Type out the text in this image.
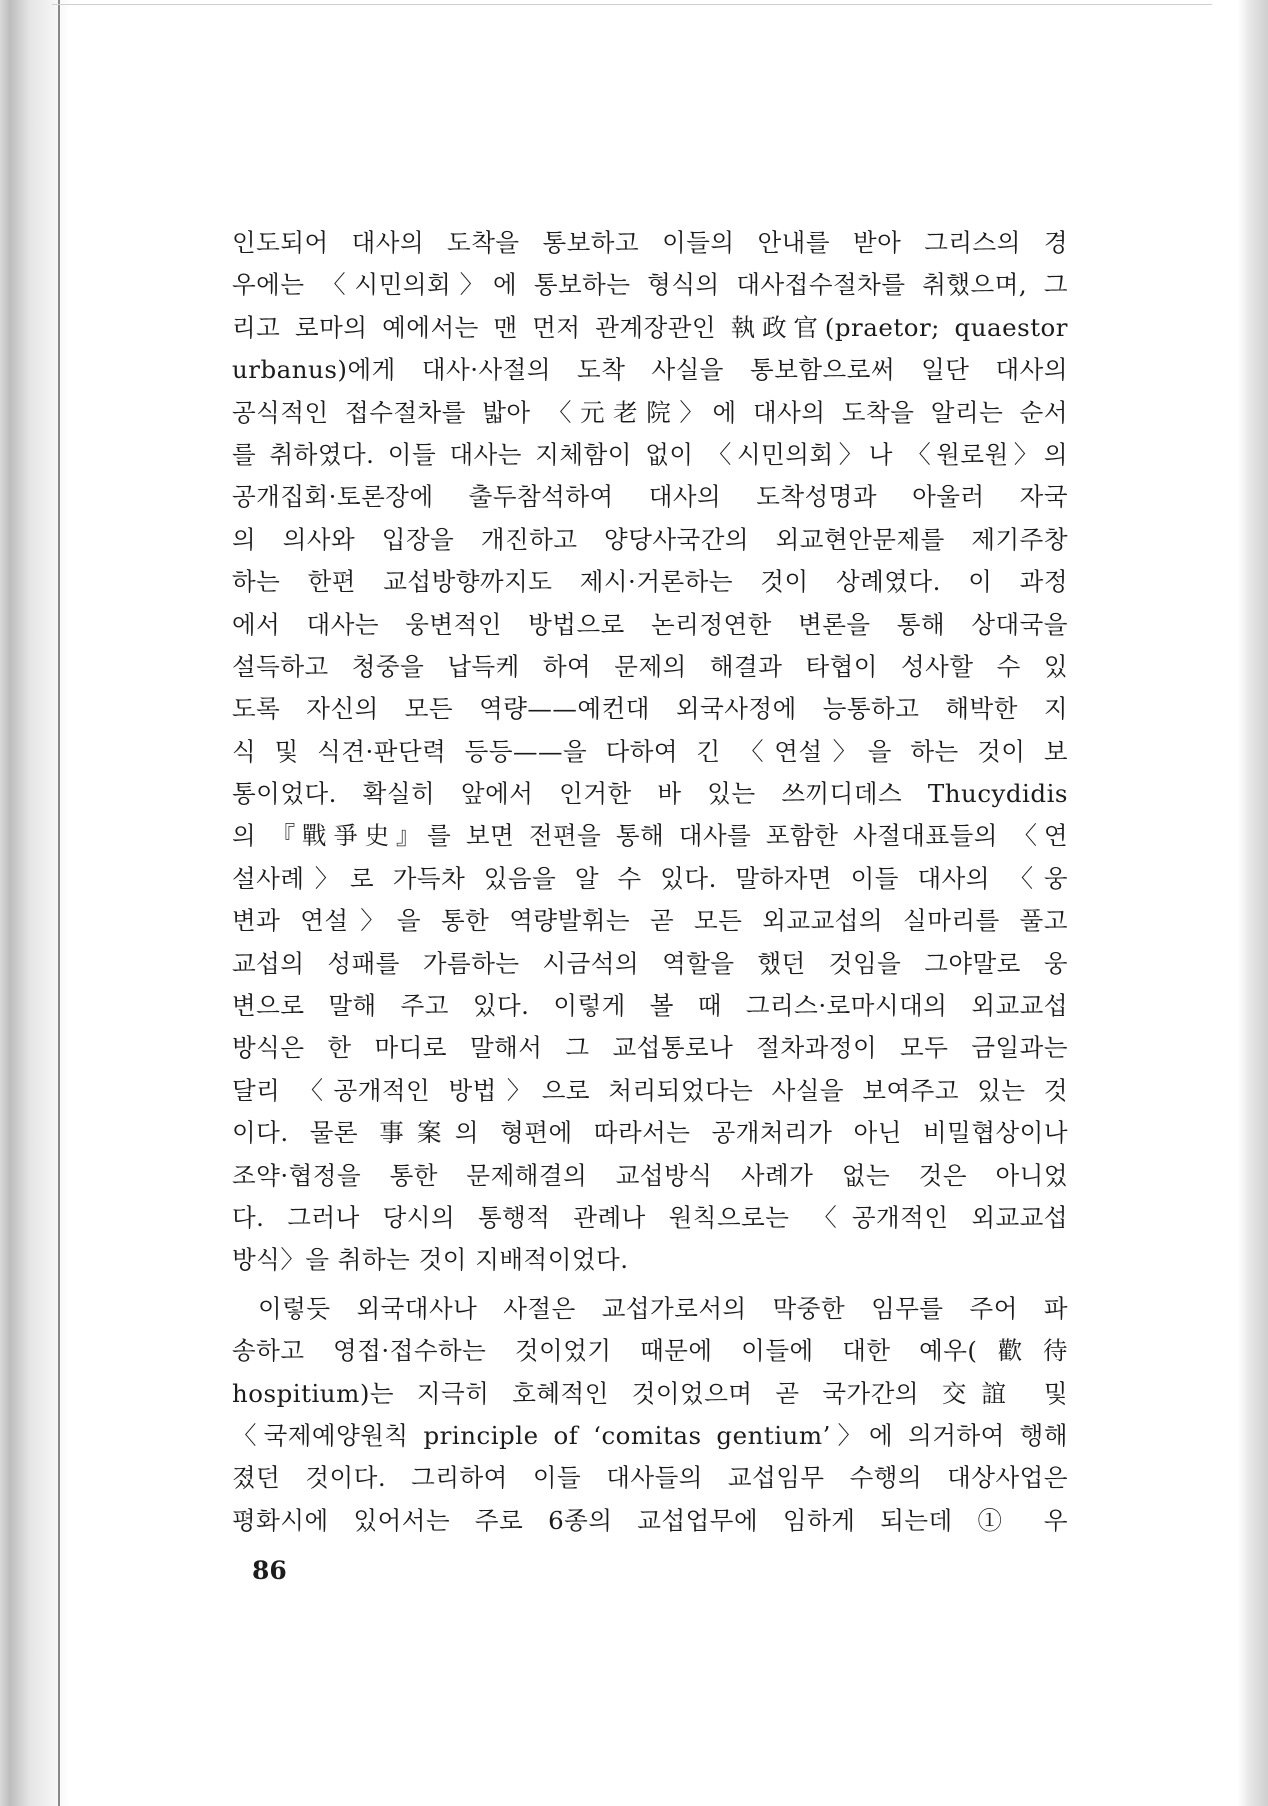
인도되어 대사의 도착을 통보하고 이들의 안내를 받아 그리스의 경
우에는 〈시민의회〉에 통보하는 형식의 대사접수절차를 취했으며, 그
리고 로마의 예에서는 맨 먼저 관계장관인 執政官(praetor; quaestor
urbanus)에게 대사·사절의 도착 사실을 통보함으로써 일단 대사의
공식적인 접수절차를 밟아 〈元老院〉에 대사의 도착을 알리는 순서
를 취하였다. 이들 대사는 지체함이 없이 〈시민의회〉나 〈원로원〉의
공개집회·토론장에 출두참석하여 대사의 도착성명과 아울러 자국
의 의사와 입장을 개진하고 양당사국간의 외교현안문제를 제기주창
하는 한편 교섭방향까지도 제시·거론하는 것이 상례였다. 이 과정
에서 대사는 웅변적인 방법으로 논리정연한 변론을 통해 상대국을
설득하고 청중을 납득케 하여 문제의 해결과 타협이 성사할 수 있
도록 자신의 모든 역량——예컨대 외국사정에 능통하고 해박한 지
식 및 식견·판단력 등등——을 다하여 긴 〈연설〉을 하는 것이 보
통이었다. 확실히 앞에서 인거한 바 있는 쓰끼디데스 Thucydidis
의 『戰爭史』를 보면 전편을 통해 대사를 포함한 사절대표들의 〈연
설사례〉로 가득차 있음을 알 수 있다. 말하자면 이들 대사의 〈웅
변과 연설〉을 통한 역량발휘는 곧 모든 외교교섭의 실마리를 풀고
교섭의 성패를 가름하는 시금석의 역할을 했던 것임을 그야말로 웅
변으로 말해 주고 있다. 이렇게 볼 때 그리스·로마시대의 외교교섭
방식은 한 마디로 말해서 그 교섭통로나 절차과정이 모두 금일과는
달리 〈공개적인 방법〉으로 처리되었다는 사실을 보여주고 있는 것
이다. 물론 事案의 형편에 따라서는 공개처리가 아닌 비밀협상이나
조약·협정을 통한 문제해결의 교섭방식 사례가 없는 것은 아니었
다. 그러나 당시의 통행적 관례나 원칙으로는 〈공개적인 외교교섭
방식〉을 취하는 것이 지배적이었다.
이렇듯 외국대사나 사절은 교섭가로서의 막중한 임무를 주어 파
송하고 영접·접수하는 것이었기 때문에 이들에 대한 예우(歡待
hospitium)는 지극히 호혜적인 것이었으며 곧 국가간의 交誼 및
〈국제예양원칙 principle of ‘comitas gentium’〉에 의거하여 행해
졌던 것이다. 그리하여 이들 대사들의 교섭임무 수행의 대상사업은
평화시에 있어서는 주로 6종의 교섭업무에 임하게 되는데 ① 우
86
